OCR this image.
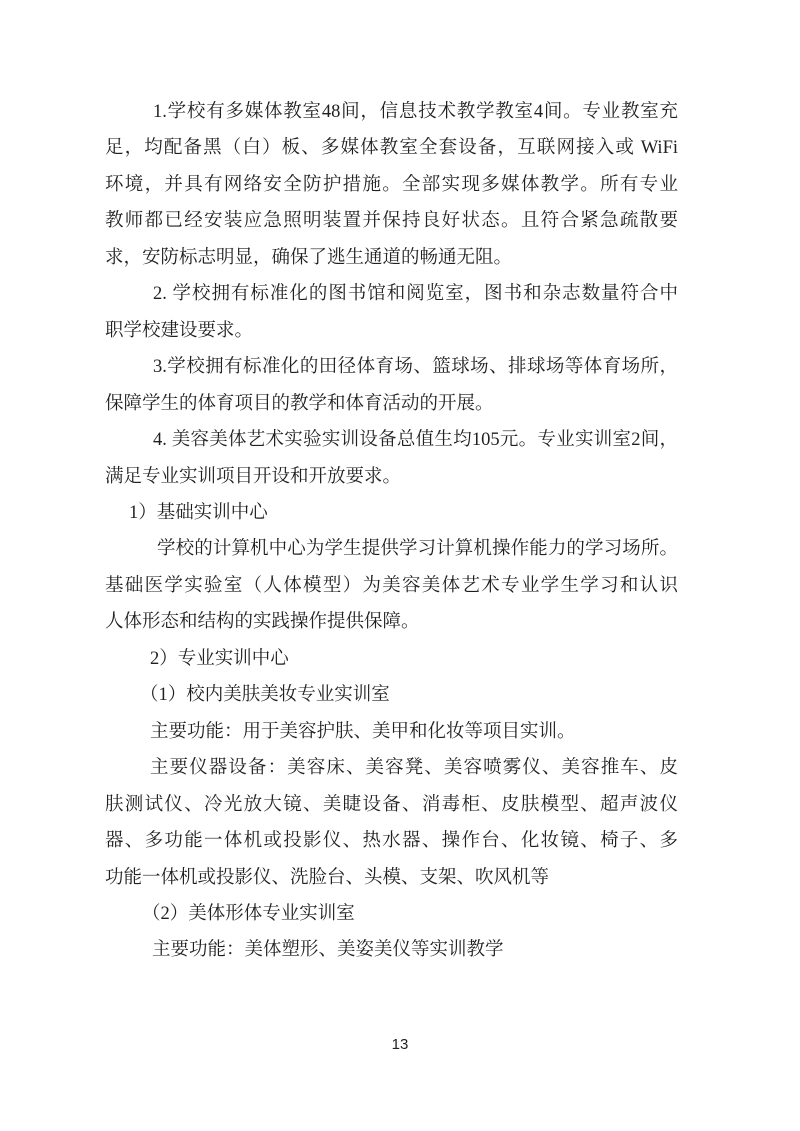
1.学校有多媒体教室48间，信息技术教学教室4间。专业教室充
足，均配备黑（白）板、多媒体教室全套设备，互联网接入或 WiFi
环境，并具有网络安全防护措施。全部实现多媒体教学。所有专业
教师都已经安装应急照明装置并保持良好状态。且符合紧急疏散要
求，安防标志明显，确保了逃生通道的畅通无阻。
2. 学校拥有标准化的图书馆和阅览室，图书和杂志数量符合中
职学校建设要求。
3.学校拥有标准化的田径体育场、篮球场、排球场等体育场所，
保障学生的体育项目的教学和体育活动的开展。
4. 美容美体艺术实验实训设备总值生均105元。专业实训室2间，
满足专业实训项目开设和开放要求。
1）基础实训中心
学校的计算机中心为学生提供学习计算机操作能力的学习场所。
基础医学实验室（人体模型）为美容美体艺术专业学生学习和认识
人体形态和结构的实践操作提供保障。
2）专业实训中心
（1）校内美肤美妆专业实训室
主要功能：用于美容护肤、美甲和化妆等项目实训。
主要仪器设备：美容床、美容凳、美容喷雾仪、美容推车、皮
肤测试仪、冷光放大镜、美睫设备、消毒柜、皮肤模型、超声波仪
器、多功能一体机或投影仪、热水器、操作台、化妆镜、椅子、多
功能一体机或投影仪、洗脸台、头模、支架、吹风机等
（2）美体形体专业实训室
主要功能：美体塑形、美姿美仪等实训教学
13
